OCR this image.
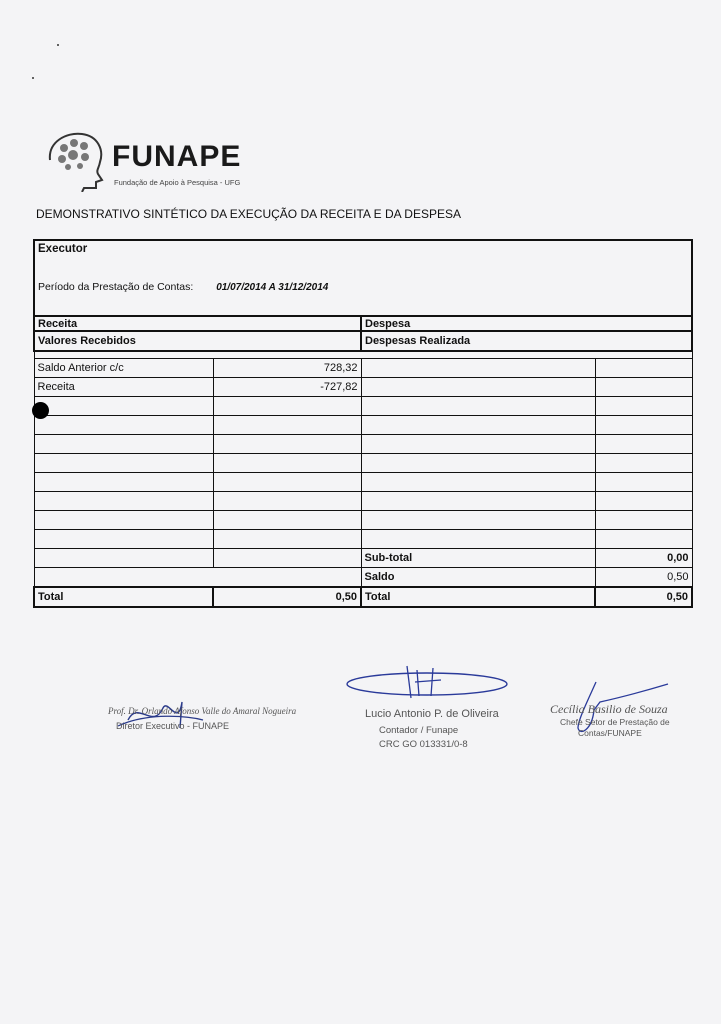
FUNAPE
Fundação de Apoio à Pesquisa - UFG
DEMONSTRATIVO SINTÉTICO DA EXECUÇÃO DA RECEITA E DA DESPESA
Executor
Período da Prestação de Contas: 01/07/2014 A 31/12/2014			

Receita		Despesa	
Valores Recebidos		Despesas Realizada	

Saldo Anterior c/c	728,32		
Receita	-727,82		

		Sub-total	0,00
		Saldo	0,50
Total	0,50	Total	0,50
Prof. Dr. Orlando Afonso Valle do Amaral Nogueira
Diretor Executivo - FUNAPE
Lucio Antonio P. de Oliveira
Contador / Funape
CRC GO 013331/0-8
Cecília Basilio de Souza
Chefe Setor de Prestação de
Contas/FUNAPE
